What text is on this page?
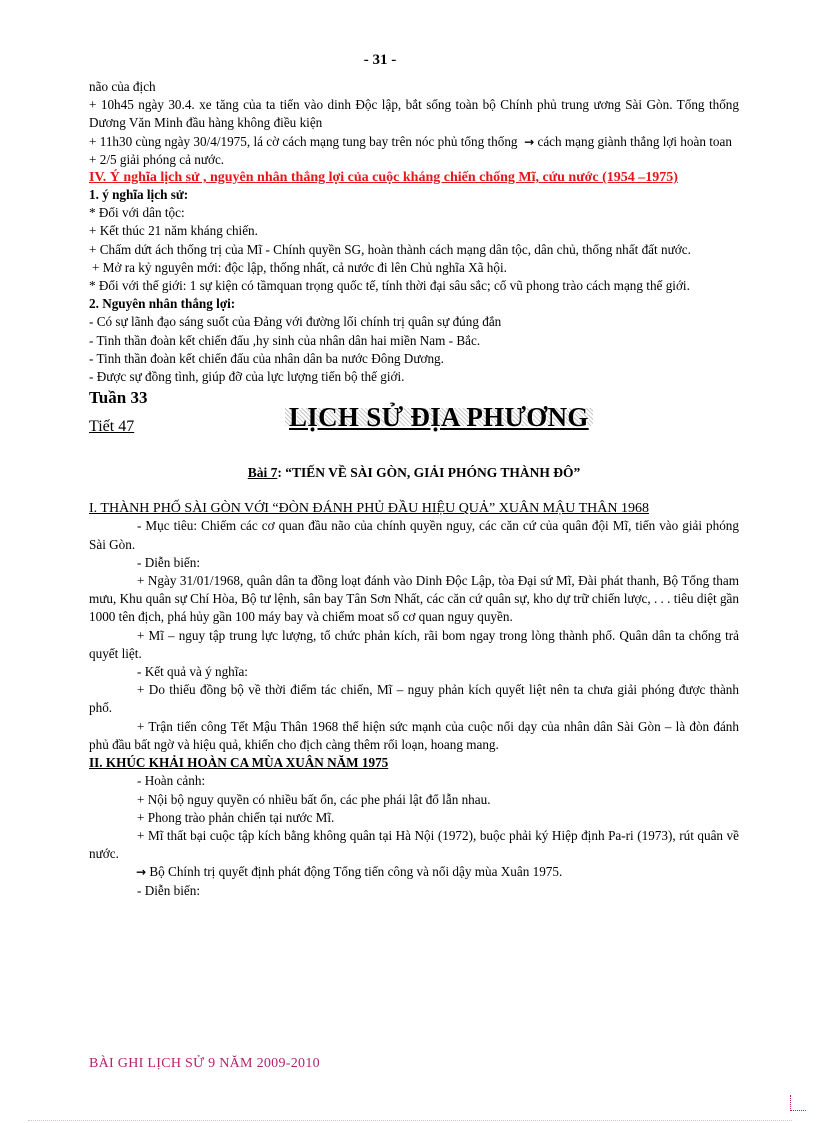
- 31 -

não của địch

+ 10h45 ngày 30.4. xe tăng của ta tiến vào dinh Độc lập, bắt sống toàn bộ Chính phủ trung ương Sài Gòn. Tổng thống Dương Văn Minh đầu hàng không điều kiện

+ 11h30 cùng ngày 30/4/1975, lá cờ cách mạng tung bay trên nóc phủ tổng thống → cách mạng giành thắng lợi hoàn toan

+ 2/5 giải phóng cả nước.

IV. Ý nghĩa lịch sử , nguyên nhân thắng lợi của cuộc kháng chiến chống Mĩ, cứu nước (1954 –1975)

1. ý nghĩa lịch sử:

* Đối với dân tộc:

+ Kết thúc 21 năm kháng chiến.

+ Chấm dứt ách thống trị của Mĩ - Chính quyền SG, hoàn thành cách mạng dân tộc, dân chủ, thống nhất đất nước.

+ Mở ra kỷ nguyên mới: độc lập, thống nhất, cả nước đi lên Chủ nghĩa Xã hội.

* Đối với thế giới: 1 sự kiện có tầmquan trọng quốc tế, tính thời đại sâu sắc; cổ vũ phong trào cách mạng thế giới.

2. Nguyên nhân thắng lợi:

- Có sự lãnh đạo sáng suốt của Đảng với đường lối chính trị quân sự đúng đắn

- Tinh thần đoàn kết chiến đấu ,hy sinh của nhân dân hai miền Nam - Bắc.

- Tinh thần đoàn kết chiến đấu của nhân dân ba nước Đông Dương.

- Được sự đồng tình, giúp đỡ của lực lượng tiến bộ thế giới.

Tuần 33
Tiết 47	LỊCH SỬ ĐỊA PHƯƠNG
Bài 7: “TIẾN VỀ SÀI GÒN, GIẢI PHÓNG THÀNH ĐÔ”

I. THÀNH PHỐ SÀI GÒN VỚI “ĐÒN ĐÁNH PHỦ ĐẦU HIỆU QUẢ” XUÂN MẬU THÂN 1968

- Mục tiêu: Chiếm các cơ quan đầu não của chính quyền nguy, các căn cứ của quân đội Mĩ, tiến vào giải phóng Sài Gòn.

- Diễn biến:

+ Ngày 31/01/1968, quân dân ta đồng loạt đánh vào Dinh Độc Lập, tòa Đại sứ Mĩ, Đài phát thanh, Bộ Tổng tham mưu, Khu quân sự Chí Hòa, Bộ tư lệnh, sân bay Tân Sơn Nhất, các căn cứ quân sự, kho dự trữ chiến lược, . . . tiêu diệt gần 1000 tên địch, phá hủy gần 100 máy bay và chiếm moat số cơ quan nguy quyền.

+ Mĩ – nguy tập trung lực lượng, tổ chức phản kích, rãi bom ngay trong lòng thành phố. Quân dân ta chống trả quyết liệt.

- Kết quả và ý nghĩa:

+ Do thiếu đồng bộ về thời điểm tác chiến, Mĩ – nguy phản kích quyết liệt nên ta chưa giải phóng được thành phố.

+ Trận tiến công Tết Mậu Thân 1968 thể hiện sức mạnh của cuộc nổi dạy của nhân dân Sài Gòn – là đòn đánh phủ đầu bất ngờ và hiệu quả, khiến cho địch càng thêm rối loạn, hoang mang.

II. KHÚC KHẢI HOÀN CA MÙA XUÂN NĂM 1975

- Hoàn cảnh:

+ Nội bộ nguy quyền có nhiều bất ổn, các phe phái lật đổ lẫn nhau.

+ Phong trào phản chiến tại nước Mĩ.

+ Mĩ thất bại cuộc tập kích bằng không quân tại Hà Nội (1972), buộc phải ký Hiệp định Pa-ri (1973), rút quân về nước.

→ Bộ Chính trị quyết định phát động Tổng tiến công và nổi dậy mùa Xuân 1975.

- Diễn biến:

BÀI GHI LỊCH SỬ 9 NĂM 2009-2010
